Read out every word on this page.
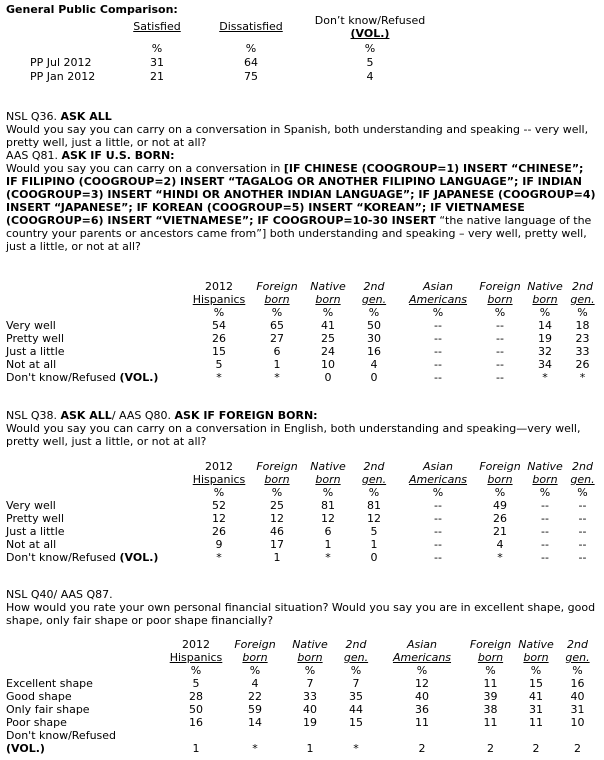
General Public Comparison:
Satisfied	Dissatisfied	Don’t know/Refused
(VOL.)
%	%	%
PP Jul 2012	31	64	5
PP Jan 2012	21	75	4

NSL Q36. ASK ALL
Would you say you can carry on a conversation in Spanish, both understanding and speaking -- very well, pretty well, just a little, or not at all?
AAS Q81. ASK IF U.S. BORN:
Would you say you can carry on a conversation in [IF CHINESE (COOGROUP=1) INSERT “CHINESE”; IF FILIPINO (COOGROUP=2) INSERT “TAGALOG OR ANOTHER FILIPINO LANGUAGE”; IF INDIAN (COOGROUP=3) INSERT “HINDI OR ANOTHER INDIAN LANGUAGE”; IF JAPANESE (COOGROUP=4) INSERT “JAPANESE”; IF KOREAN (COOGROUP=5) INSERT “KOREAN”; IF VIETNAMESE (COOGROUP=6) INSERT “VIETNAMESE”; IF COOGROUP=10-30 INSERT “the native language of the country your parents or ancestors came from”] both understanding and speaking – very well, pretty well, just a little, or not at all?

	2012	Foreign	Native	2nd	Asian	Foreign	Native	2nd
	Hispanics	born	born	gen.	Americans	born	born	gen.
	%	%	%	%	%	%	%	%
Very well	54	65	41	50	--	--	14	18
Pretty well	26	27	25	30	--	--	19	23
Just a little	15	6	24	16	--	--	32	33
Not at all	5	1	10	4	--	--	34	26
Don't know/Refused (VOL.)	*	*	0	0	--	--	*	*

NSL Q38. ASK ALL/ AAS Q80. ASK IF FOREIGN BORN:
Would you say you can carry on a conversation in English, both understanding and speaking—very well, pretty well, just a little, or not at all?

	2012	Foreign	Native	2nd	Asian	Foreign	Native	2nd
	Hispanics	born	born	gen.	Americans	born	born	gen.
	%	%	%	%	%	%	%	%
Very well	52	25	81	81	--	49	--	--
Pretty well	12	12	12	12	--	26	--	--
Just a little	26	46	6	5	--	21	--	--
Not at all	9	17	1	1	--	4	--	--
Don't know/Refused (VOL.)	*	1	*	0	--	*	--	--

NSL Q40/ AAS Q87.
How would you rate your own personal financial situation? Would you say you are in excellent shape, good shape, only fair shape or poor shape financially?

	2012	Foreign	Native	2nd	Asian	Foreign	Native	2nd
	Hispanics	born	born	gen.	Americans	born	born	gen.
	%	%	%	%	%	%	%	%
Excellent shape	5	4	7	7	12	11	15	16
Good shape	28	22	33	35	40	39	41	40
Only fair shape	50	59	40	44	36	38	31	31
Poor shape	16	14	19	15	11	11	11	10
Don't know/Refused
(VOL.)	1	*	1	*	2	2	2	2
